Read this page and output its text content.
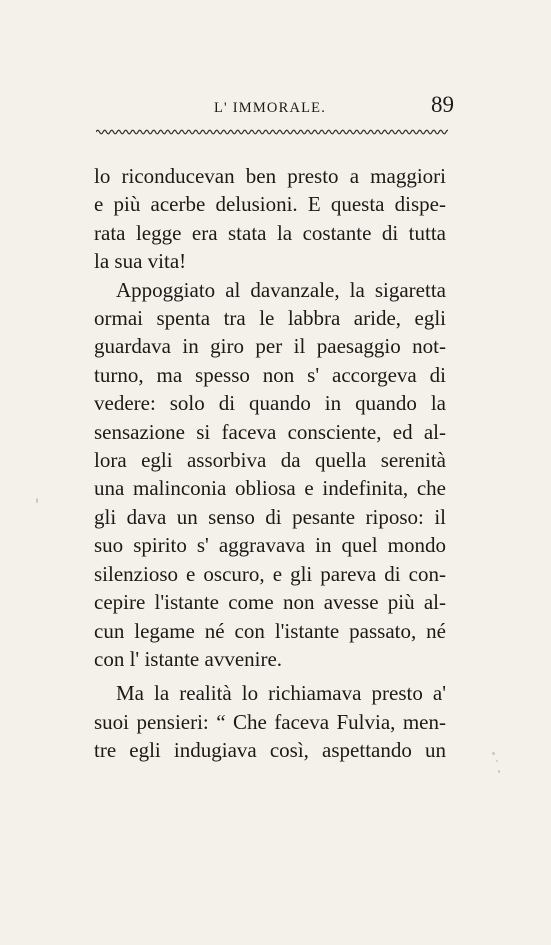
L' IMMORALE.	89
lo riconducevan ben presto a maggiori
e più acerbe delusioni. E questa dispe-
rata legge era stata la costante di tutta
la sua vita!
Appoggiato al davanzale, la sigaretta
ormai spenta tra le labbra aride, egli
guardava in giro per il paesaggio not-
turno, ma spesso non s' accorgeva di
vedere: solo di quando in quando la
sensazione si faceva consciente, ed al-
lora egli assorbiva da quella serenità
una malinconia obliosa e indefinita, che
gli dava un senso di pesante riposo: il
suo spirito s' aggravava in quel mondo
silenzioso e oscuro, e gli pareva di con-
cepire l'istante come non avesse più al-
cun legame né con l'istante passato, né
con l' istante avvenire.
Ma la realità lo richiamava presto a'
suoi pensieri: “ Che faceva Fulvia, men-
tre egli indugiava così, aspettando un
